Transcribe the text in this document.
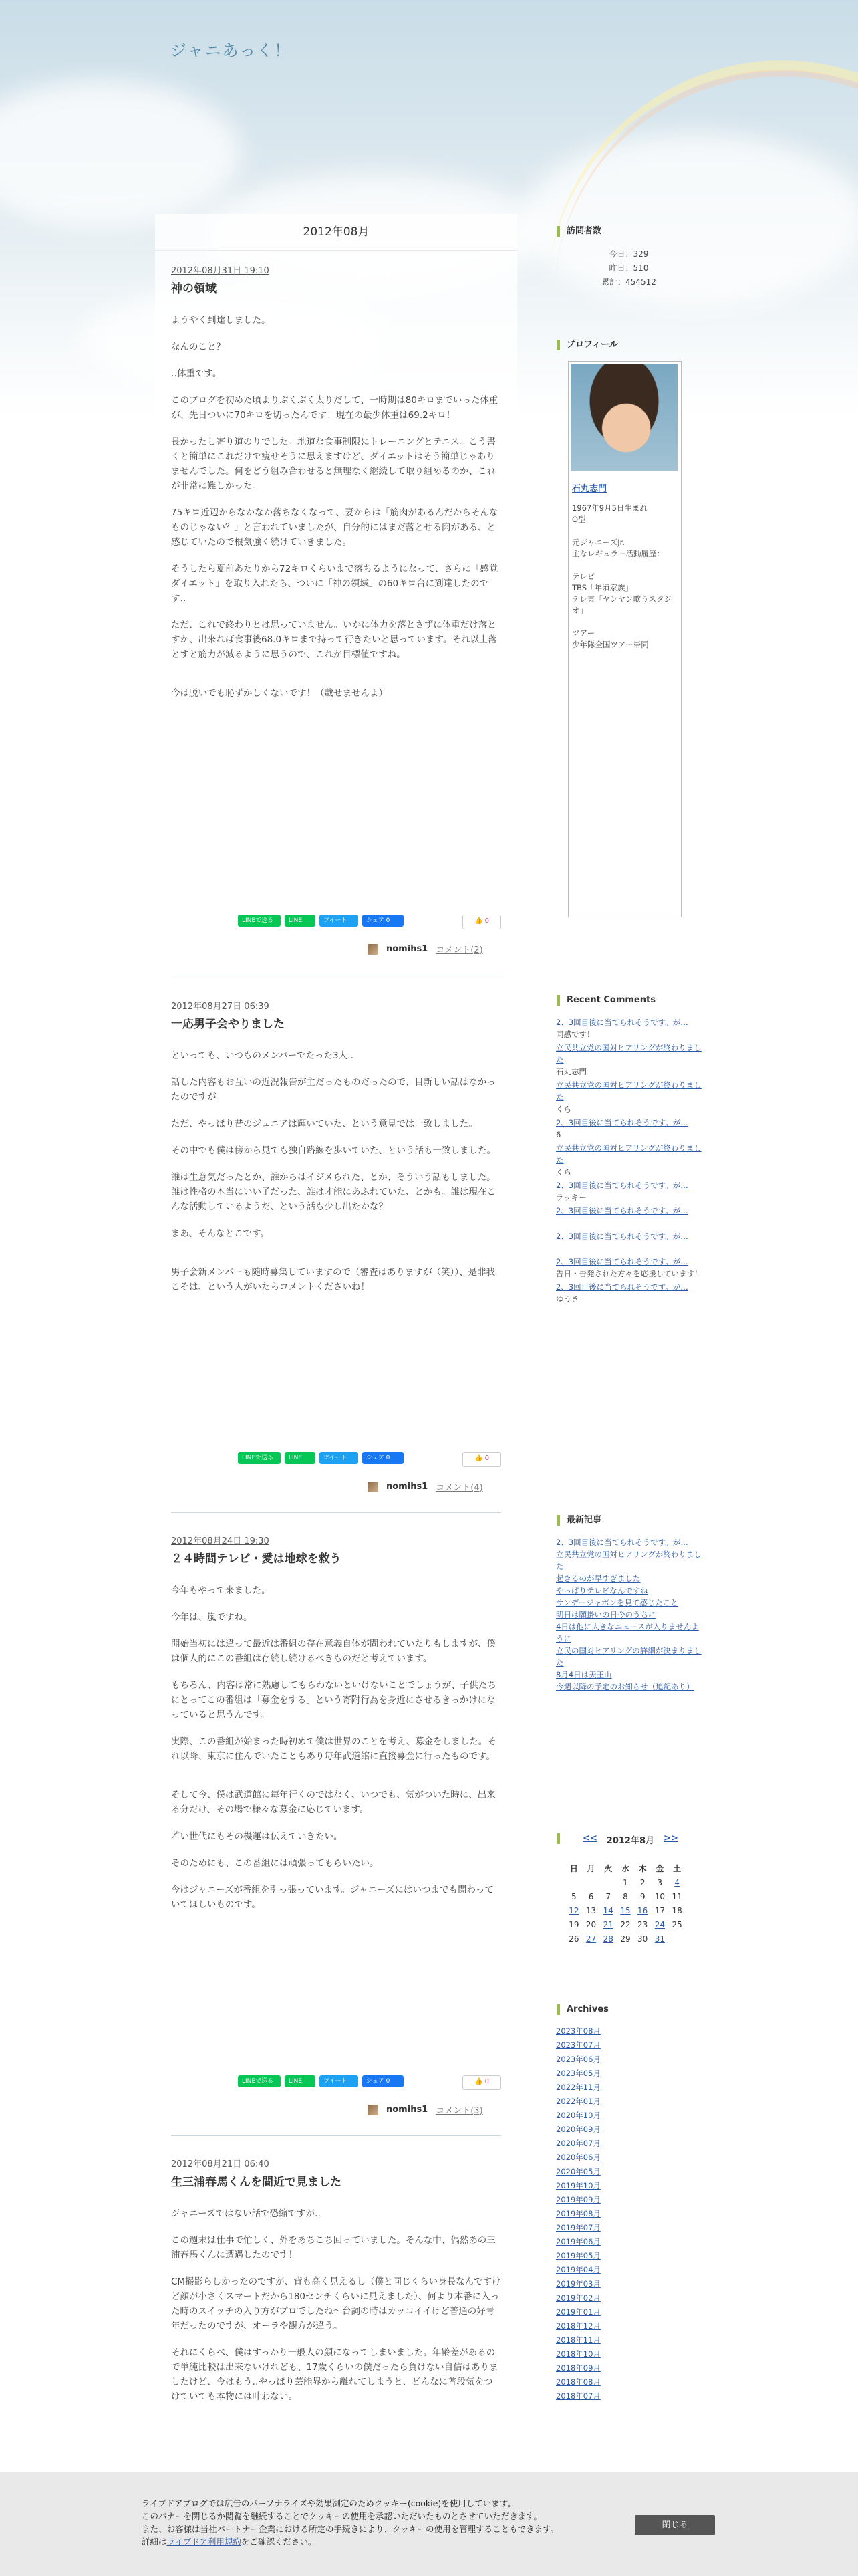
ジャニあっく！
2012年08月

2012年08月31日 19:10

神の領域

ようやく到達しました。

なんのこと？

‥体重です。

このブログを初めた頃よりぶくぶく太りだして、一時期は80キロまでいった体重が、先日ついに70キロを切ったんです！現在の最少体重は69.2キロ！

長かったし寄り道のりでした。地道な食事制限にトレーニングとテニス。こう書くと簡単にこれだけで痩せそうに思えますけど、ダイエットはそう簡単じゃありませんでした。何をどう組み合わせると無理なく継続して取り組めるのか、これが非常に難しかった。

75キロ近辺からなかなか落ちなくなって、妻からは「筋肉があるんだからそんなものじゃない？」と言われていましたが、自分的にはまだ落とせる肉がある、と感じていたので根気強く続けていきました。

そうしたら夏前あたりから72キロくらいまで落ちるようになって、さらに「感覚ダイエット」を取り入れたら、ついに「神の領域」の60キロ台に到達したのです‥

ただ、これで終わりとは思っていません。いかに体力を落とさずに体重だけ落とすか、出来れば食事後68.0キロまで持って行きたいと思っています。それ以上落とすと筋力が減るように思うので、これが目標値ですね。

今は脱いでも恥ずかしくないです！（載せませんよ）

LINEで送る	LINE	ツイート	シェア 0	👍 0
nomihs1 コメント(2)

2012年08月27日 06:39

一応男子会やりました

といっても、いつものメンバーでたった3人‥

話した内容もお互いの近況報告が主だったものだったので、目新しい話はなかったのですが。

ただ、やっぱり昔のジュニアは輝いていた、という意見では一致しました。

その中でも僕は傍から見ても独自路線を歩いていた、という話も一致しました。

誰は生意気だったとか、誰からはイジメられた、とか、そういう話もしました。誰は性格の本当にいい子だった、誰は才能にあふれていた、とかも。誰は現在こんな活動しているようだ、という話も少し出たかな？

まあ、そんなとこです。

男子会新メンバーも随時募集していますので（審査はありますが（笑））、是非我こそは、という人がいたらコメントくださいね！

LINEで送る	LINE	ツイート	シェア 0	👍 0
nomihs1 コメント(4)

2012年08月24日 19:30

２４時間テレビ・愛は地球を救う

今年もやって来ました。

今年は、嵐ですね。

開始当初には違って最近は番組の存在意義自体が問われていたりもしますが、僕は個人的にこの番組は存続し続けるべきものだと考えています。

もちろん、内容は常に熟慮してもらわないといけないことでしょうが、子供たちにとってこの番組は「募金をする」という寄附行為を身近にさせるきっかけになっていると思うんです。

実際、この番組が始まった時初めて僕は世界のことを考え、募金をしました。それ以降、東京に住んでいたこともあり毎年武道館に直接募金に行ったものです。

そして今、僕は武道館に毎年行くのではなく、いつでも、気がついた時に、出来る分だけ、その場で様々な募金に応じています。

若い世代にもその機運は伝えていきたい。

そのためにも、この番組には頑張ってもらいたい。

今はジャニーズが番組を引っ張っています。ジャニーズにはいつまでも関わっていてほしいものです。

LINEで送る	LINE	ツイート	シェア 0	👍 0
nomihs1 コメント(3)

2012年08月21日 06:40

生三浦春馬くんを間近で見ました

ジャニーズではない話で恐縮ですが‥

この週末は仕事で忙しく、外をあちこち回っていました。そんな中、偶然あの三浦春馬くんに遭遇したのです！

CM撮影らしかったのですが、背も高く見えるし（僕と同じくらい身長なんですけど顔が小さくスマートだから180センチくらいに見えました）、何より本番に入った時のスイッチの入り方がプロでしたね〜台詞の時はカッコイイけど普通の好青年だったのですが、オーラや観方が違う。

それにくらべ、僕はすっかり一般人の顔になってしまいました。年齢差があるので単純比較は出来ないけれども、17歳くらいの僕だったら負けない自信はありましたけど、今はもう‥やっぱり芸能界から離れてしまうと、どんなに普段気をつけていても本物には叶わない。

訪問者数
今日：329
昨日：510
累計：454512
プロフィール
石丸志門
1967年9月5日生まれ
O型

元ジャニーズJr.
主なレギュラー活動履歴：

テレビ
TBS「年頃家族」
テレ東「ヤンヤン歌うスタジオ」

ツアー
少年隊全国ツアー帯同
Recent Comments
2、3回目後に当てられそうです。が…
同感です！
立民共立党の国対ヒアリングが終わりました
石丸志門
立民共立党の国対ヒアリングが終わりました
くら
2、3回目後に当てられそうです。が…
6
立民共立党の国対ヒアリングが終わりました
くら
2、3回目後に当てられそうです。が…
ラッキー
2、3回目後に当てられそうです。が…
2、3回目後に当てられそうです。が…
2、3回目後に当てられそうです。が…
告日・告発された方々を応援しています！
2、3回目後に当てられそうです。が…
ゆうき
最新記事
2、3回目後に当てられそうです。が…
立民共立党の国対ヒアリングが終わりました
起きるのが早すぎました
やっぱりテレビなんですね
サンデージャポンを見て感じたこと
明日は願掛いの日今のうちに
4日は他に大きなニュースが入りませんように
立民の国対ヒアリングの詳細が決まりました
8月4日は天王山
今週以降の予定のお知らせ（追記あり）
<< 2012年8月 >>
日	月	火	水	木	金	土
			1	2	3	4
5	6	7	8	9	10	11
12	13	14	15	16	17	18
19	20	21	22	23	24	25
26	27	28	29	30	31	
Archives
2023年08月
2023年07月
2023年06月
2023年05月
2022年11月
2022年01月
2020年10月
2020年09月
2020年07月
2020年06月
2020年05月
2019年10月
2019年09月
2019年08月
2019年07月
2019年06月
2019年05月
2019年04月
2019年03月
2019年02月
2019年01月
2018年12月
2018年11月
2018年10月
2018年09月
2018年08月
2018年07月
ライブドアブログでは広告のパーソナライズや効果測定のためクッキー(cookie)を使用しています。
このバナーを閉じるか閲覧を継続することでクッキーの使用を承認いただいたものとさせていただきます。
また、お客様は当社パートナー企業における所定の手続きにより、クッキーの使用を管理することもできます。
詳細はライブドア利用規約をご確認ください。
閉じる
